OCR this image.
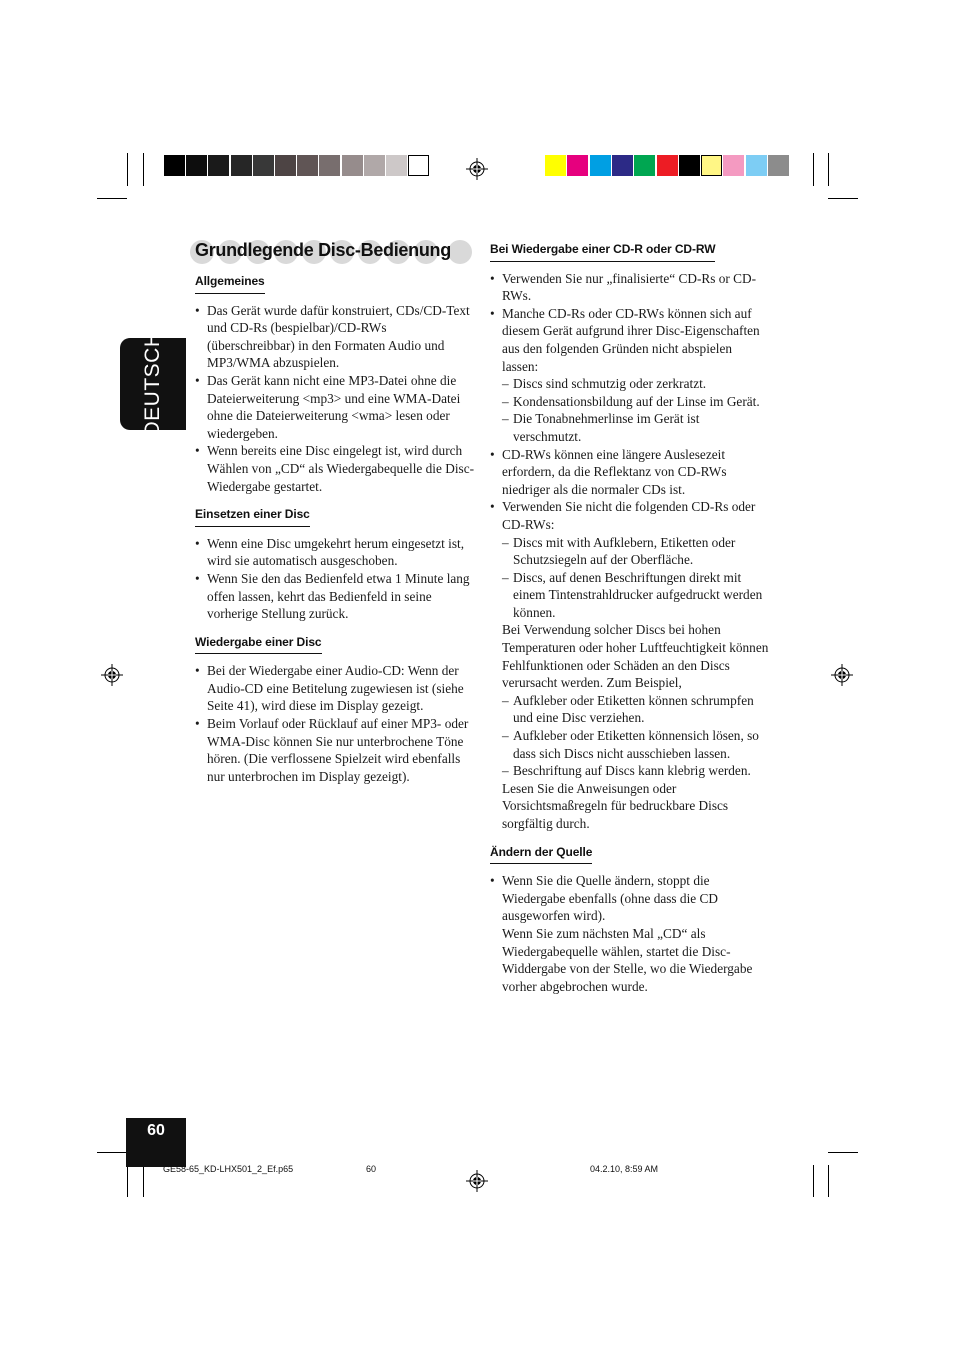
DEUTSCH
Grundlegende Disc-Bedienung
Allgemeines
• Das Gerät wurde dafür konstruiert, CDs/CD-Text und CD-Rs (bespielbar)/CD-RWs (überschreibbar) in den Formaten Audio und MP3/WMA abzuspielen.
• Das Gerät kann nicht eine MP3-Datei ohne die Dateierweiterung <mp3> und eine WMA-Datei ohne die Dateierweiterung <wma> lesen oder wiedergeben.
• Wenn bereits eine Disc eingelegt ist, wird durch Wählen von „CD“ als Wiedergabequelle die Disc-Wiedergabe gestartet.
Einsetzen einer Disc
• Wenn eine Disc umgekehrt herum eingesetzt ist, wird sie automatisch ausgeschoben.
• Wenn Sie den das Bedienfeld etwa 1 Minute lang offen lassen, kehrt das Bedienfeld in seine vorherige Stellung zurück.
Wiedergabe einer Disc
• Bei der Wiedergabe einer Audio-CD: Wenn der Audio-CD eine Betitelung zugewiesen ist (siehe Seite 41), wird diese im Display gezeigt.
• Beim Vorlauf oder Rücklauf auf einer MP3- oder WMA-Disc können Sie nur unterbrochene Töne hören. (Die verflossene Spielzeit wird ebenfalls nur unterbrochen im Display gezeigt).
Bei Wiedergabe einer CD-R oder CD-RW
• Verwenden Sie nur „finalisierte“ CD-Rs or CD-RWs.
• Manche CD-Rs oder CD-RWs können sich auf diesem Gerät aufgrund ihrer Disc-Eigenschaften aus den folgenden Gründen nicht abspielen lassen:
– Discs sind schmutzig oder zerkratzt.
– Kondensationsbildung auf der Linse im Gerät.
– Die Tonabnehmerlinse im Gerät ist verschmutzt.
• CD-RWs können eine längere Auslesezeit erfordern, da die Reflektanz von CD-RWs niedriger als die normaler CDs ist.
• Verwenden Sie nicht die folgenden CD-Rs oder CD-RWs:
– Discs mit with Aufklebern, Etiketten oder Schutzsiegeln auf der Oberfläche.
– Discs, auf denen Beschriftungen direkt mit einem Tintenstrahldrucker aufgedruckt werden können.

Bei Verwendung solcher Discs bei hohen Temperaturen oder hoher Luftfeuchtigkeit können Fehlfunktionen oder Schäden an den Discs verursacht werden. Zum Beispiel,

– Aufkleber oder Etiketten können schrumpfen und eine Disc verziehen.
– Aufkleber oder Etiketten könnensich lösen, so dass sich Discs nicht ausschieben lassen.
– Beschriftung auf Discs kann klebrig werden.

Lesen Sie die Anweisungen oder Vorsichtsmaßregeln für bedruckbare Discs sorgfältig durch.

Ändern der Quelle
• Wenn Sie die Quelle ändern, stoppt die Wiedergabe ebenfalls (ohne dass die CD ausgeworfen wird).

Wenn Sie zum nächsten Mal „CD“ als Wiedergabequelle wählen, startet die Disc-Widdergabe von der Stelle, wo die Wiedergabe vorher abgebrochen wurde.

60
GE58-65_KD-LHX501_2_Ef.p65	60	04.2.10, 8:59 AM
